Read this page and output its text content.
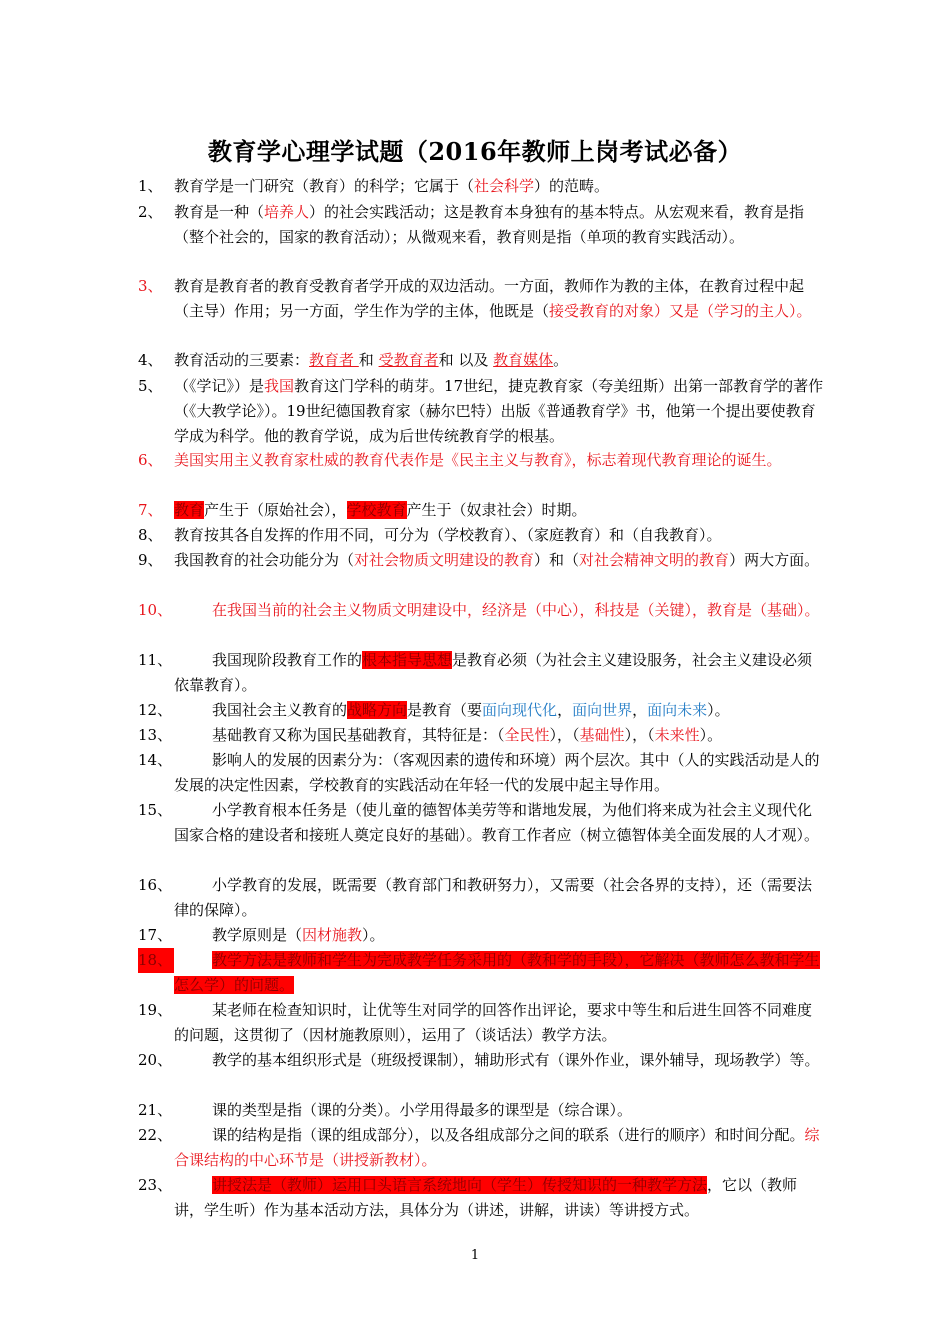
教育学心理学试题（2016年教师上岗考试必备）
1、 教育学是一门研究（教育）的科学；它属于（社会科学）的范畴。
2、 教育是一种（培养人）的社会实践活动；这是教育本身独有的基本特点。从宏观来看，教育是指（整个社会的，国家的教育活动）；从微观来看，教育则是指（单项的教育实践活动）。
3、 教育是教育者的教育受教育者学开成的双边活动。一方面，教师作为教的主体，在教育过程中起（主导）作用；另一方面，学生作为学的主体，他既是（接受教育的对象）又是（学习的主人）。
4、 教育活动的三要素：教育者 和 受教育者和 以及 教育媒体。
5、 （《学记》）是我国教育这门学科的萌芽。17世纪，捷克教育家（夸美纽斯）出第一部教育学的著作（《大教学论》）。19世纪德国教育家（赫尔巴特）出版《普通教育学》书，他第一个提出要使教育学成为科学。他的教育学说，成为后世传统教育学的根基。
6、 美国实用主义教育家杜威的教育代表作是《民主主义与教育》，标志着现代教育理论的诞生。
7、 教育产生于（原始社会），学校教育产生于（奴隶社会）时期。
8、 教育按其各自发挥的作用不同，可分为（学校教育）、（家庭教育）和（自我教育）。
9、 我国教育的社会功能分为（对社会物质文明建设的教育）和（对社会精神文明的教育）两大方面。
10、	在我国当前的社会主义物质文明建设中，经济是（中心），科技是（关键），教育是（基础）。
11、	我国现阶段教育工作的根本指导思想是教育必须（为社会主义建设服务，社会主义建设必须依靠教育）。
12、	我国社会主义教育的战略方向是教育（要面向现代化，面向世界，面向未来）。
13、	基础教育又称为国民基础教育，其特征是：（全民性），（基础性），（未来性）。
14、	影响人的发展的因素分为：（客观因素的遗传和环境）两个层次。其中（人的实践活动是人的发展的决定性因素，学校教育的实践活动在年轻一代的发展中起主导作用。
15、	小学教育根本任务是（使儿童的德智体美劳等和谐地发展，为他们将来成为社会主义现代化国家合格的建设者和接班人奠定良好的基础）。教育工作者应（树立德智体美全面发展的人才观）。
16、	小学教育的发展，既需要（教育部门和教研努力），又需要（社会各界的支持），还（需要法律的保障）。
17、	教学原则是（因材施教）。
18、	教学方法是教师和学生为完成教学任务采用的（教和学的手段），它解决（教师怎么教和学生怎么学）的问题。
19、	某老师在检查知识时，让优等生对同学的回答作出评论，要求中等生和后进生回答不同难度的问题，这贯彻了（因材施教原则），运用了（谈话法）教学方法。
20、	教学的基本组织形式是（班级授课制），辅助形式有（课外作业，课外辅导，现场教学）等。
21、	课的类型是指（课的分类）。小学用得最多的课型是（综合课）。
22、	课的结构是指（课的组成部分），以及各组成部分之间的联系（进行的顺序）和时间分配。综合课结构的中心环节是（讲授新教材）。
23、	讲授法是（教师）运用口头语言系统地向（学生）传授知识的一种教学方法，它以（教师讲，学生听）作为基本活动方法，具体分为（讲述，讲解，讲读）等讲授方式。
1
